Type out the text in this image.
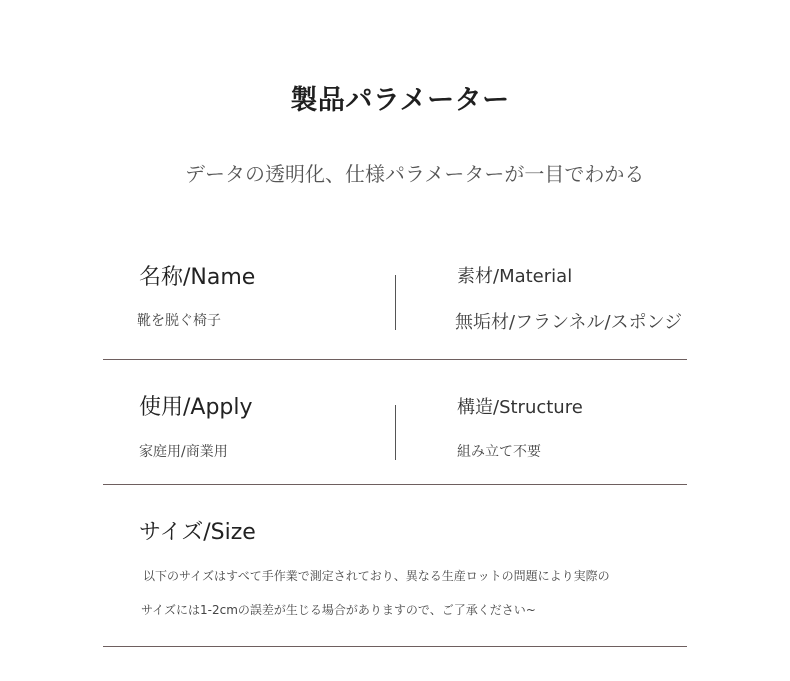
製品パラメーター
データの透明化、仕様パラメーターが一目でわかる
名称/Name
靴を脱ぐ椅子
素材/Material
無垢材/フランネル/スポンジ
使用/Apply
家庭用/商業用
構造/Structure
組み立て不要
サイズ/Size
以下のサイズはすべて手作業で測定されており、異なる生産ロットの問題により実際の
サイズには1-2cmの誤差が生じる場合がありますので、ご了承ください~
